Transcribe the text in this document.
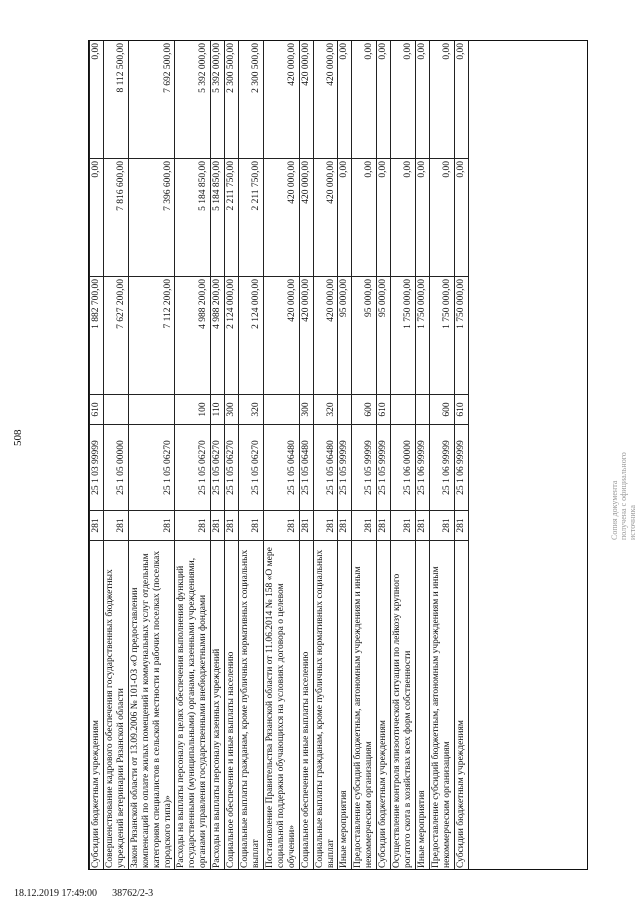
508
Субсидии бюджетным учреждениям	281	25 1 03 99999	610	1 882 700,00	0,00	0,00
Совершенствование кадрового обеспечения государственных бюджетных учреждений ветеринарии Рязанской области	281	25 1 05 00000		7 627 200,00	7 816 600,00	8 112 500,00
Закон Рязанской области от 13.09.2006 № 101-ОЗ «О предоставлении компенсаций по оплате жилых помещений и коммунальных услуг отдельным категориям специалистов в сельской местности и рабочих поселках (поселках городского типа)»	281	25 1 05 06270		7 112 200,00	7 396 600,00	7 692 500,00
Расходы на выплаты персоналу в целях обеспечения выполнения функций государственными (муниципальными) органами, казенными учреждениями, органами управления государственными внебюджетными фондами	281	25 1 05 06270	100	4 988 200,00	5 184 850,00	5 392 000,00
Расходы на выплаты персоналу казенных учреждений	281	25 1 05 06270	110	4 988 200,00	5 184 850,00	5 392 000,00
Социальное обеспечение и иные выплаты населению	281	25 1 05 06270	300	2 124 000,00	2 211 750,00	2 300 500,00
Социальные выплаты гражданам, кроме публичных нормативных социальных выплат	281	25 1 05 06270	320	2 124 000,00	2 211 750,00	2 300 500,00
Постановление Правительства Рязанской области от 11.06.2014 № 158 «О мере социальной поддержки обучающихся на условиях договора о целевом обучении»	281	25 1 05 06480		420 000,00	420 000,00	420 000,00
Социальное обеспечение и иные выплаты населению	281	25 1 05 06480	300	420 000,00	420 000,00	420 000,00
Социальные выплаты гражданам, кроме публичных нормативных социальных выплат	281	25 1 05 06480	320	420 000,00	420 000,00	420 000,00
Иные мероприятия	281	25 1 05 99999		95 000,00	0,00	0,00
Предоставление субсидий бюджетным, автономным учреждениям и иным некоммерческим организациям	281	25 1 05 99999	600	95 000,00	0,00	0,00
Субсидии бюджетным учреждениям	281	25 1 05 99999	610	95 000,00	0,00	0,00
Осуществление контроля эпизоотической ситуации по лейкозу крупного рогатого скота в хозяйствах всех форм собственности	281	25 1 06 00000		1 750 000,00	0,00	0,00
Иные мероприятия	281	25 1 06 99999		1 750 000,00	0,00	0,00
Предоставление субсидий бюджетным, автономным учреждениям и иным некоммерческим организациям	281	25 1 06 99999	600	1 750 000,00	0,00	0,00
Субсидии бюджетным учреждениям	281	25 1 06 99999	610	1 750 000,00	0,00	0,00
18.12.2019 17:49:00 38762/2-3
Сопия документа получена с официального источника
